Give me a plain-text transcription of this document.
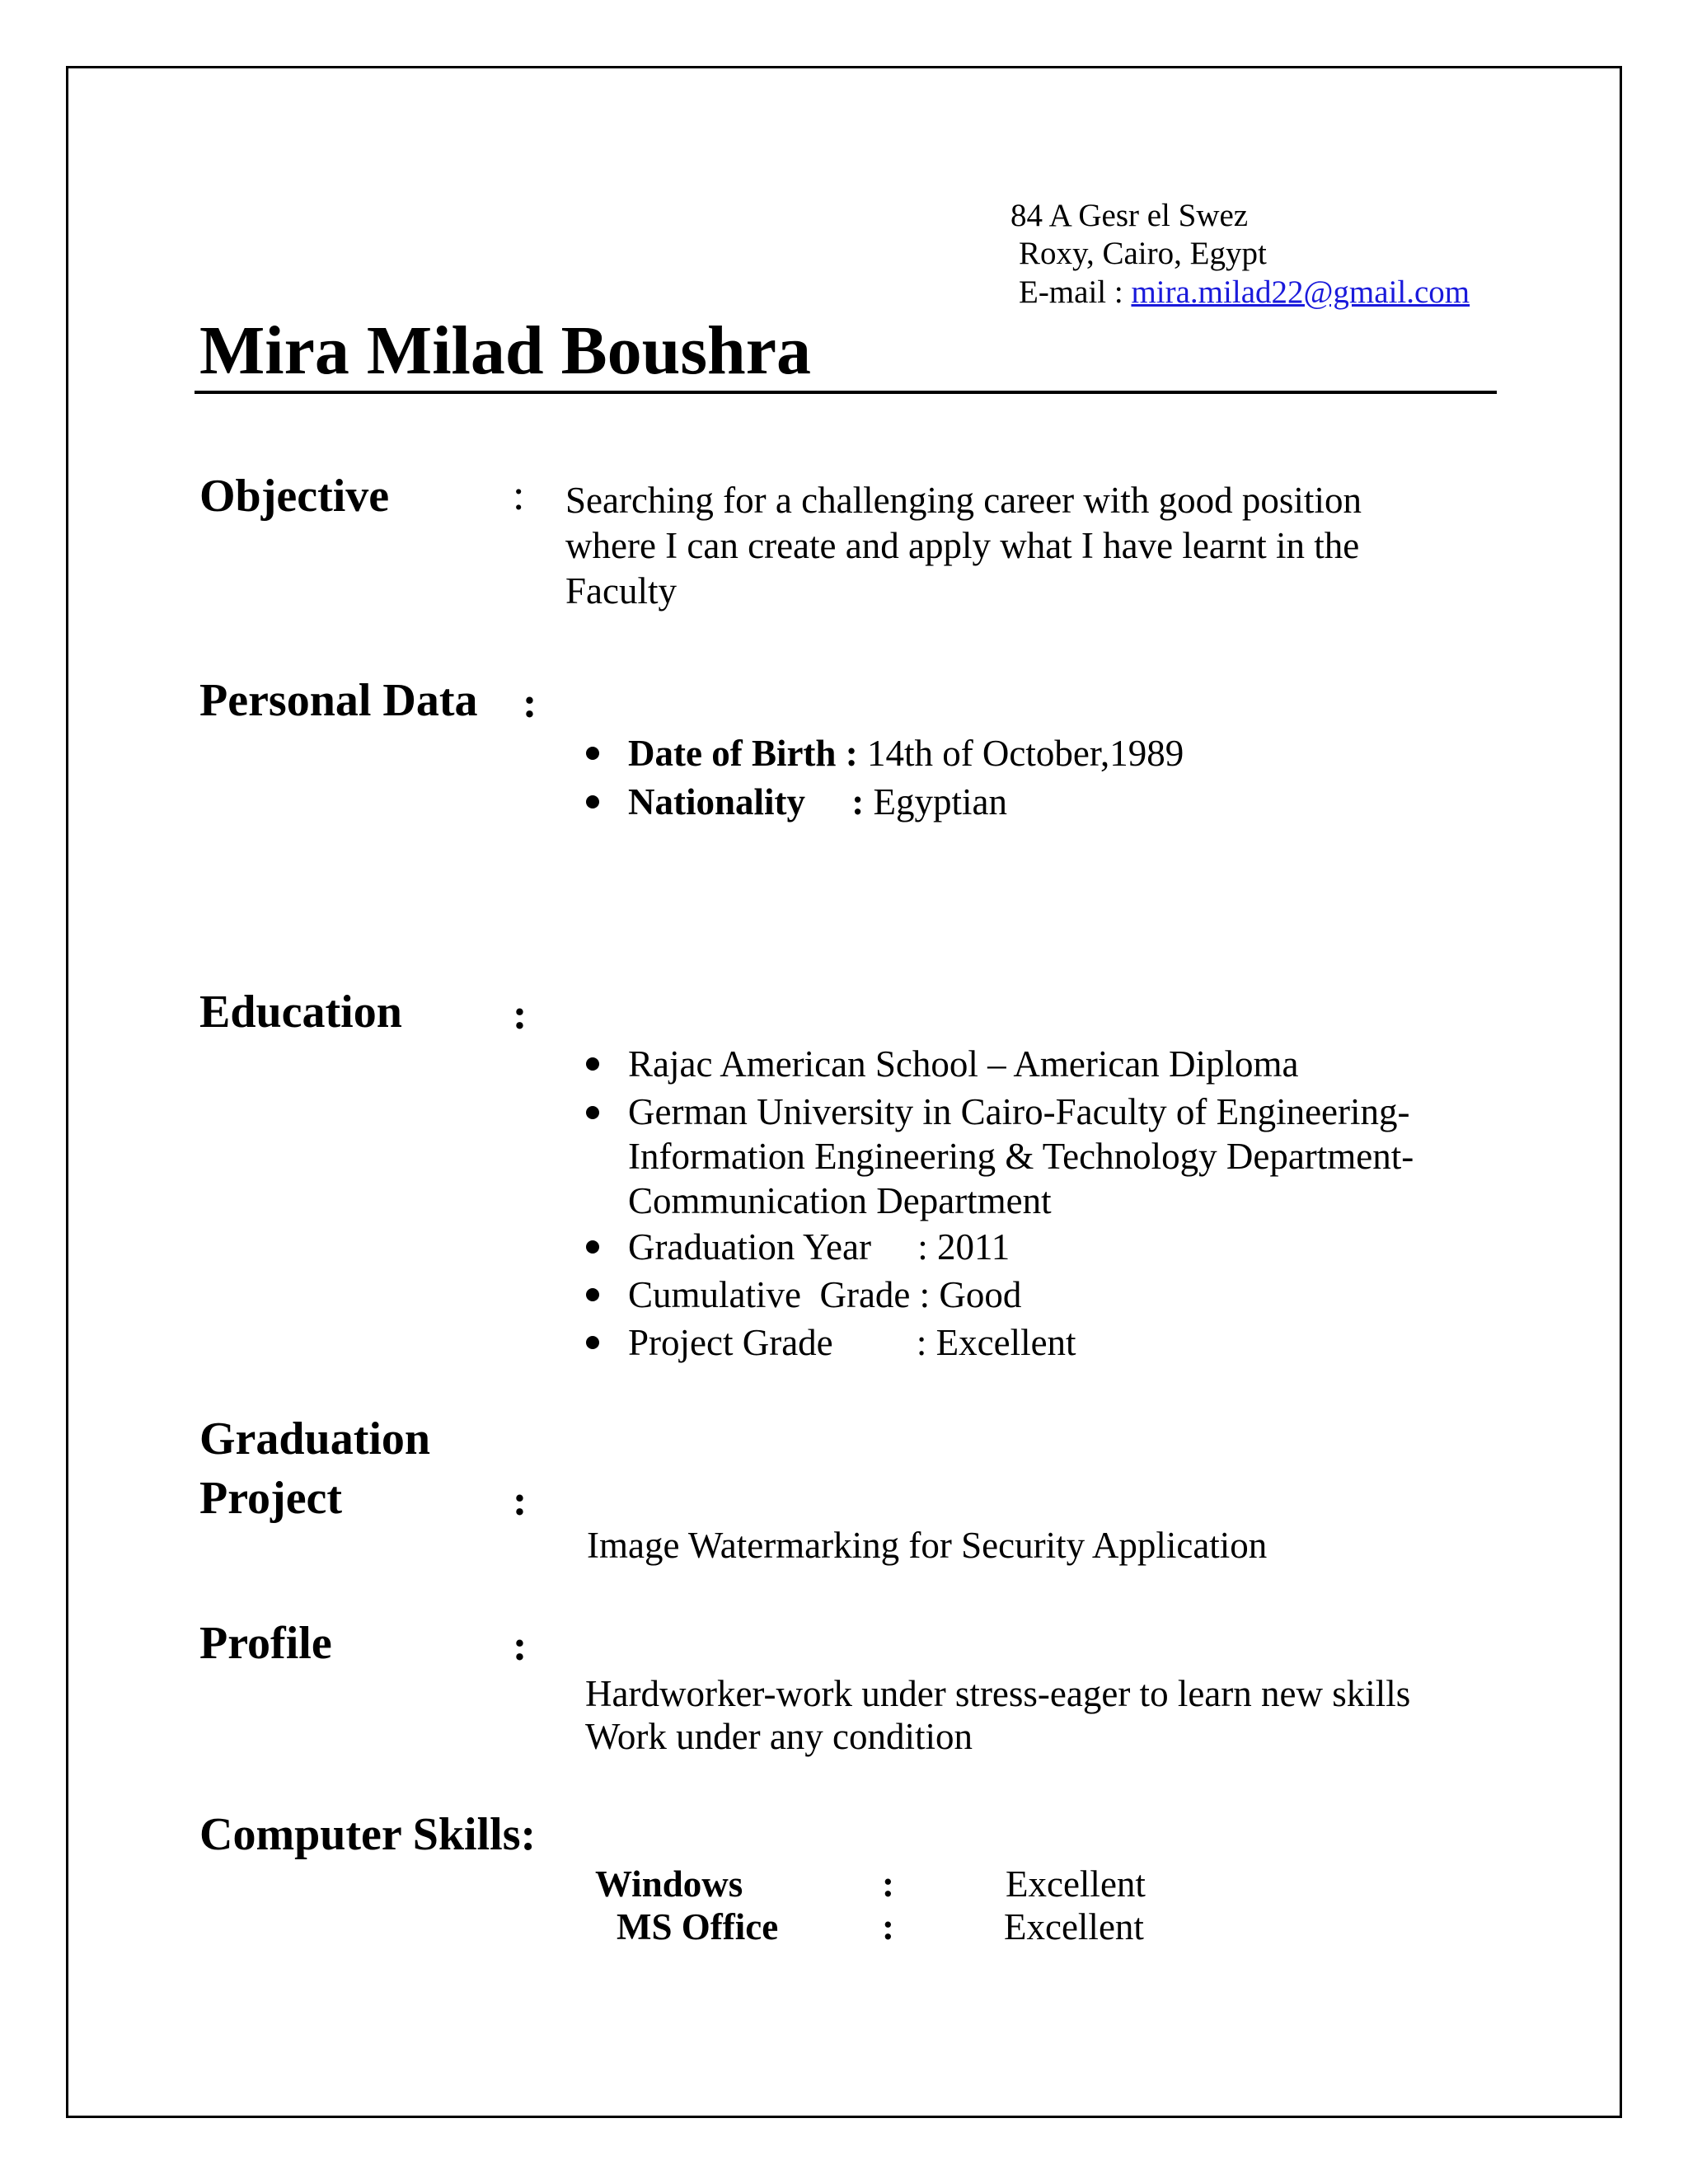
84 A Gesr el Swez
Roxy, Cairo, Egypt
E-mail : mira.milad22@gmail.com
Mira Milad Boushra
Objective	: Searching for a challenging career with good position
where I can create and apply what I have learnt in the
Faculty
Personal Data :
Date of Birth : 14th of October,1989
Nationality     : Egyptian
Education	:
Rajac American School – American Diploma
German University in Cairo-Faculty of Engineering-
Information Engineering & Technology Department-
Communication Department
Graduation Year     : 2011
Cumulative  Grade : Good
Project Grade         : Excellent
Graduation
Project	:
Image Watermarking for Security Application
Profile	:
Hardworker-work under stress-eager to learn new skills
Work under any condition
Computer Skills:
Windows	:	Excellent
MS Office	:	Excellent
